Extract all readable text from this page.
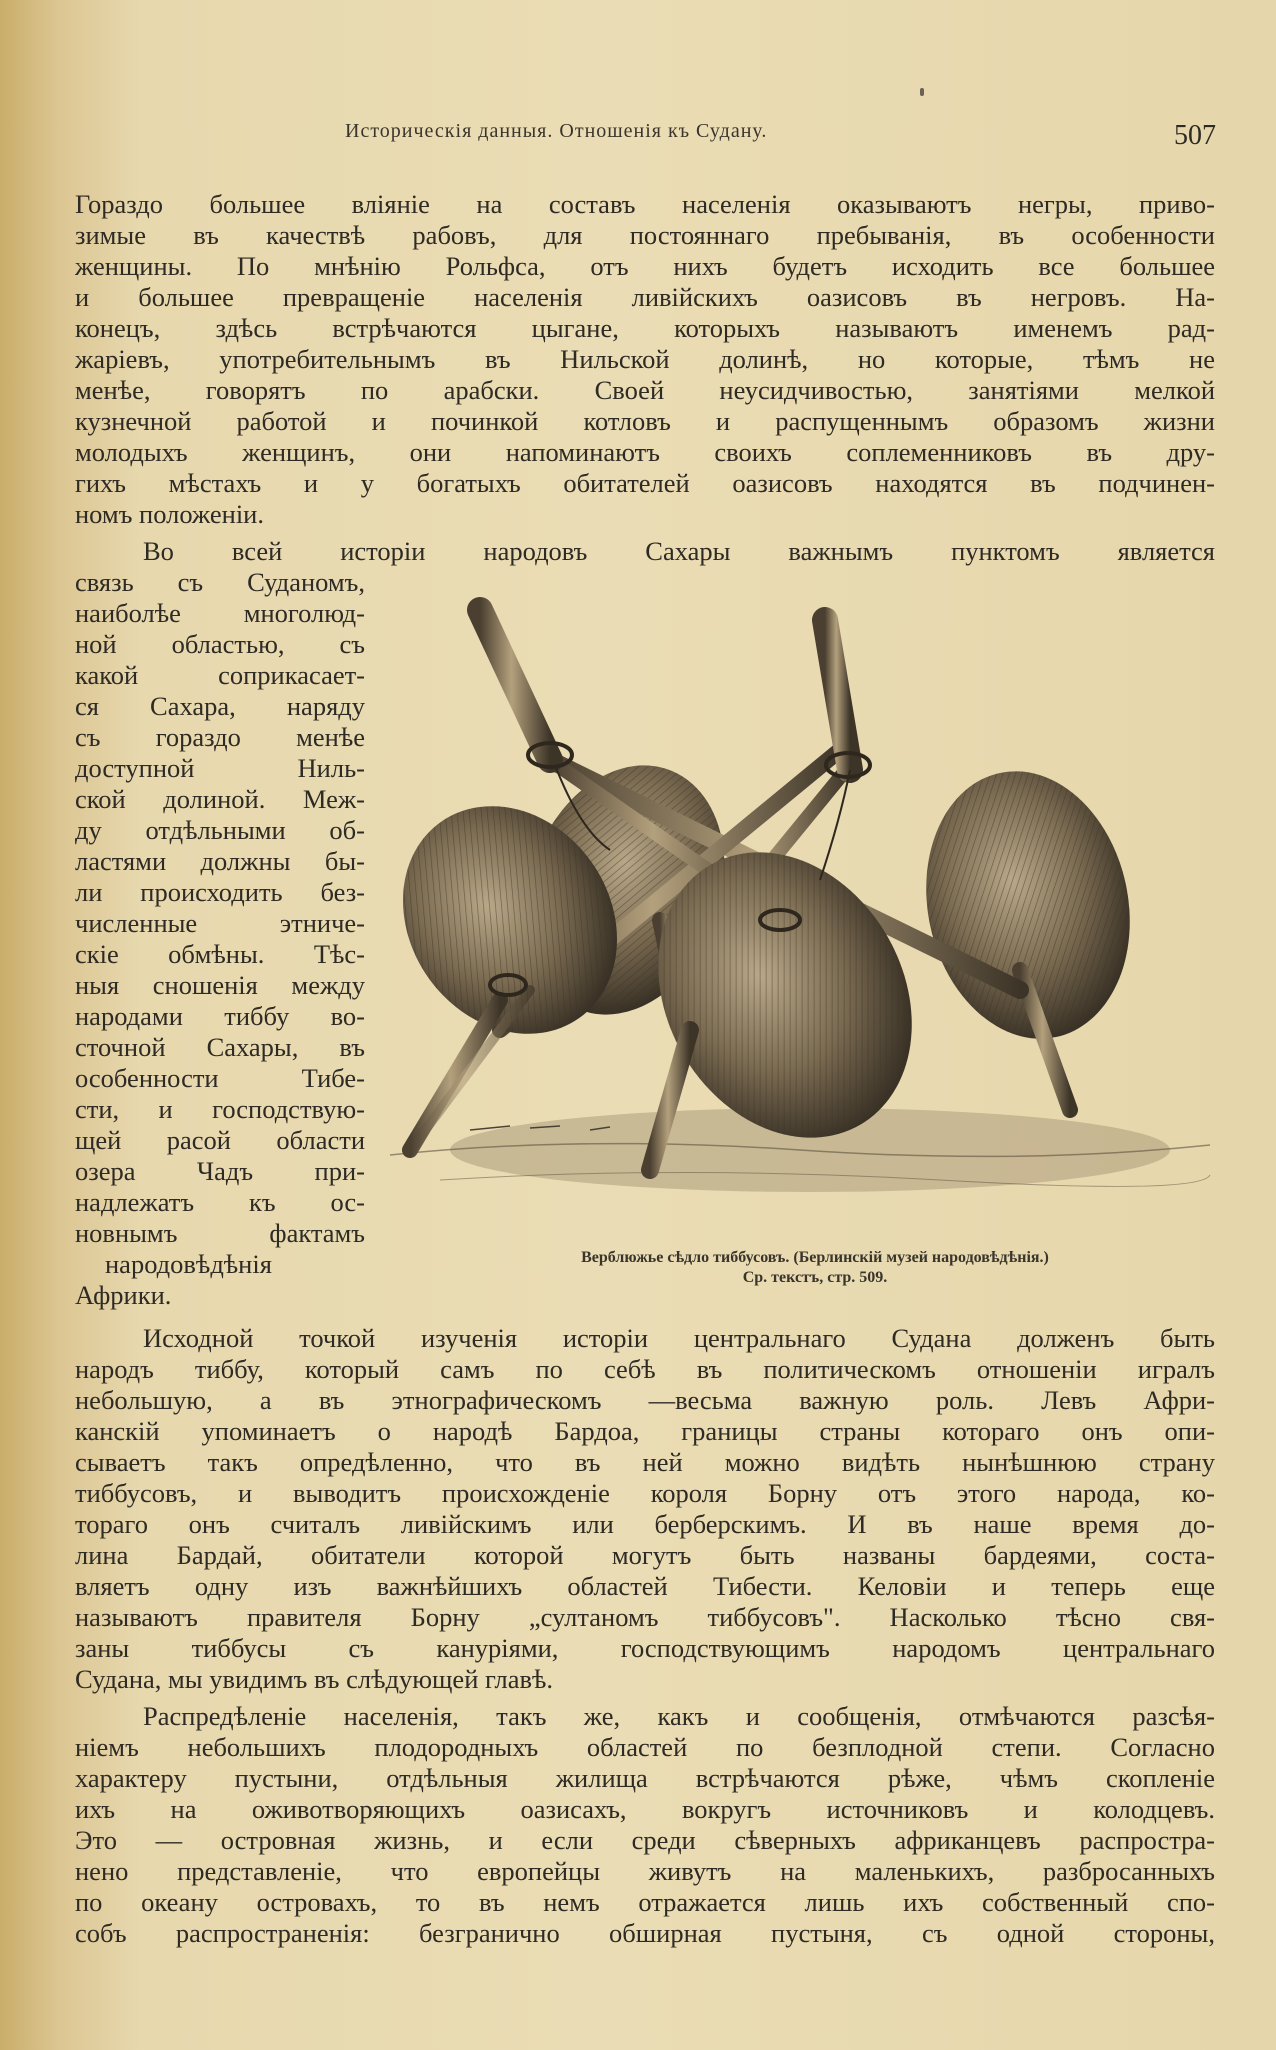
Историческія данныя. Отношенія къ Судану.	507
Гораздо большее вліяніе на составъ населенія оказываютъ негры, приво-
зимые въ качествѣ рабовъ, для постояннаго пребыванія, въ особенности
женщины. По мнѣнію Рольфса, отъ нихъ будетъ исходить все большее
и большее превращеніе населенія ливійскихъ оазисовъ въ негровъ. На-
конецъ, здѣсь встрѣчаются цыгане, которыхъ называютъ именемъ рад-
жаріевъ, употребительнымъ въ Нильской долинѣ, но которые, тѣмъ не
менѣе, говорятъ по арабски. Своей неусидчивостью, занятіями мелкой
кузнечной работой и починкой котловъ и распущеннымъ образомъ жизни
молодыхъ женщинъ, они напоминаютъ своихъ соплеменниковъ въ дру-
гихъ мѣстахъ и у богатыхъ обитателей оазисовъ находятся въ подчинен-
номъ положеніи.
Во всей исторіи народовъ Сахары важнымъ пунктомъ является
связь съ Суданомъ,
наиболѣе многолюд-
ной областью, съ
какой соприкасает-
ся Сахара, наряду
съ гораздо менѣе
доступной Ниль-
ской долиной. Меж-
ду отдѣльными об-
ластями должны бы-
ли происходить без-
численные этниче-
скіе обмѣны. Тѣс-
ныя сношенія между
народами тиббу во-
сточной Сахары, въ
особенности Тибе-
сти, и господствую-
щей расой области
озера Чадъ при-
надлежатъ къ ос-
новнымъ фактамъ
народовѣдѣнія
Африки.
Верблюжье сѣдло тиббусовъ. (Берлинскій музей народовѣдѣнія.)
Ср. текстъ, стр. 509.
Исходной точкой изученія исторіи центральнаго Судана долженъ быть
народъ тиббу, который самъ по себѣ въ политическомъ отношеніи игралъ
небольшую, а въ этнографическомъ —весьма важную роль. Левъ Афри-
канскій упоминаетъ о народѣ Бардоа, границы страны котораго онъ опи-
сываетъ такъ опредѣленно, что въ ней можно видѣть нынѣшнюю страну
тиббусовъ, и выводитъ происхожденіе короля Борну отъ этого народа, ко-
тораго онъ считалъ ливійскимъ или берберскимъ. И въ наше время до-
лина Бардай, обитатели которой могутъ быть названы бардеями, соста-
вляетъ одну изъ важнѣйшихъ областей Тибести. Келовіи и теперь еще
называютъ правителя Борну „султаномъ тиббусовъ". Насколько тѣсно свя-
заны тиббусы съ канурiями, господствующимъ народомъ центральнаго
Судана, мы увидимъ въ слѣдующей главѣ.
Распредѣленіе населенія, такъ же, какъ и сообщенія, отмѣчаются разсѣя-
ніемъ небольшихъ плодородныхъ областей по безплодной степи. Согласно
характеру пустыни, отдѣльныя жилища встрѣчаются рѣже, чѣмъ скопленіе
ихъ на оживотворяющихъ оазисахъ, вокругъ источниковъ и колодцевъ.
Это — островная жизнь, и если среди сѣверныхъ африканцевъ распростра-
нено представленіе, что европейцы живутъ на маленькихъ, разбросанныхъ
по океану островахъ, то въ немъ отражается лишь ихъ собственный спо-
собъ распространенія: безгранично обширная пустыня, съ одной стороны,
